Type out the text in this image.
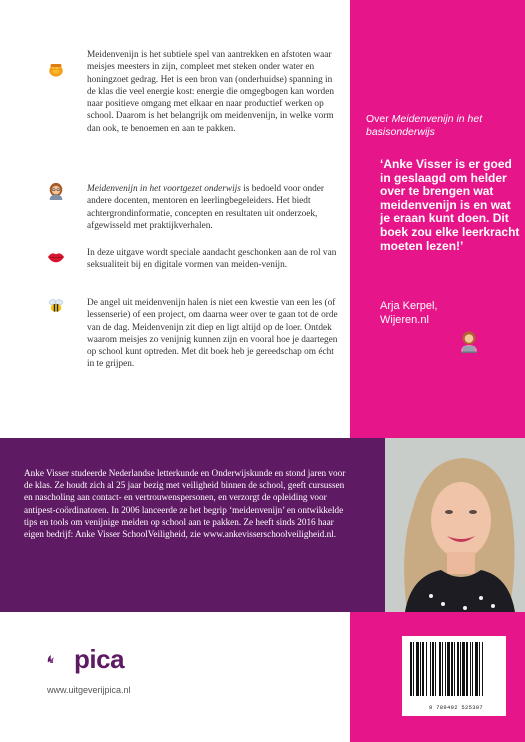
Meidenvenijn is het subtiele spel van aantrekken en afstoten waar meisjes meesters in zijn, compleet met steken onder water en honingzoet gedrag. Het is een bron van (onderhuidse) spanning in de klas die veel energie kost: energie die omgegbogen kan worden naar positieve omgang met elkaar en naar productief werken op school. Daarom is het belangrijk om meidenvenijn, in welke vorm dan ook, te benoemen en aan te pakken.
Meidenvenijn in het voortgezet onderwijs is bedoeld voor onder andere docenten, mentoren en leerlingbegeleiders. Het biedt achtergrondinformatie, concepten en resultaten uit onderzoek, afgewisseld met praktijkverhalen.
In deze uitgave wordt speciale aandacht geschonken aan de rol van seksualiteit bij en digitale vormen van meiden-venijn.
De angel uit meidenvenijn halen is niet een kwestie van een les (of lessenserie) of een project, om daarna weer over te gaan tot de orde van de dag. Meidenvenijn zit diep en ligt altijd op de loer. Ontdek waarom meisjes zo venijnig kunnen zijn en vooral hoe je daartegen op school kunt optreden. Met dit boek heb je gereedschap om écht in te grijpen.
Over Meidenvenijn in het basisonderwijs
‘Anke Visser is er goed in geslaagd om helder over te brengen wat meidenvenijn is en wat je eraan kunt doen. Dit boek zou elke leerkracht moeten lezen!’
Arja Kerpel,
Wijeren.nl
Anke Visser studeerde Nederlandse letterkunde en Onderwijskunde en stond jaren voor de klas. Ze houdt zich al 25 jaar bezig met veiligheid binnen de school, geeft cursussen en nascholing aan contact- en vertrouwenspersonen, en verzorgt de opleiding voor antipest-coördinatoren. In 2006 lanceerde ze het begrip ‘meidenvenijn’ en ontwikkelde tips en tools om venijnige meiden op school aan te pakken. Ze heeft sinds 2016 haar eigen bedrijf: Anke Visser SchoolVeiligheid, zie www.ankevisserschoolveiligheid.nl.
pica
www.uitgeverijpica.nl
9 789492 525307
